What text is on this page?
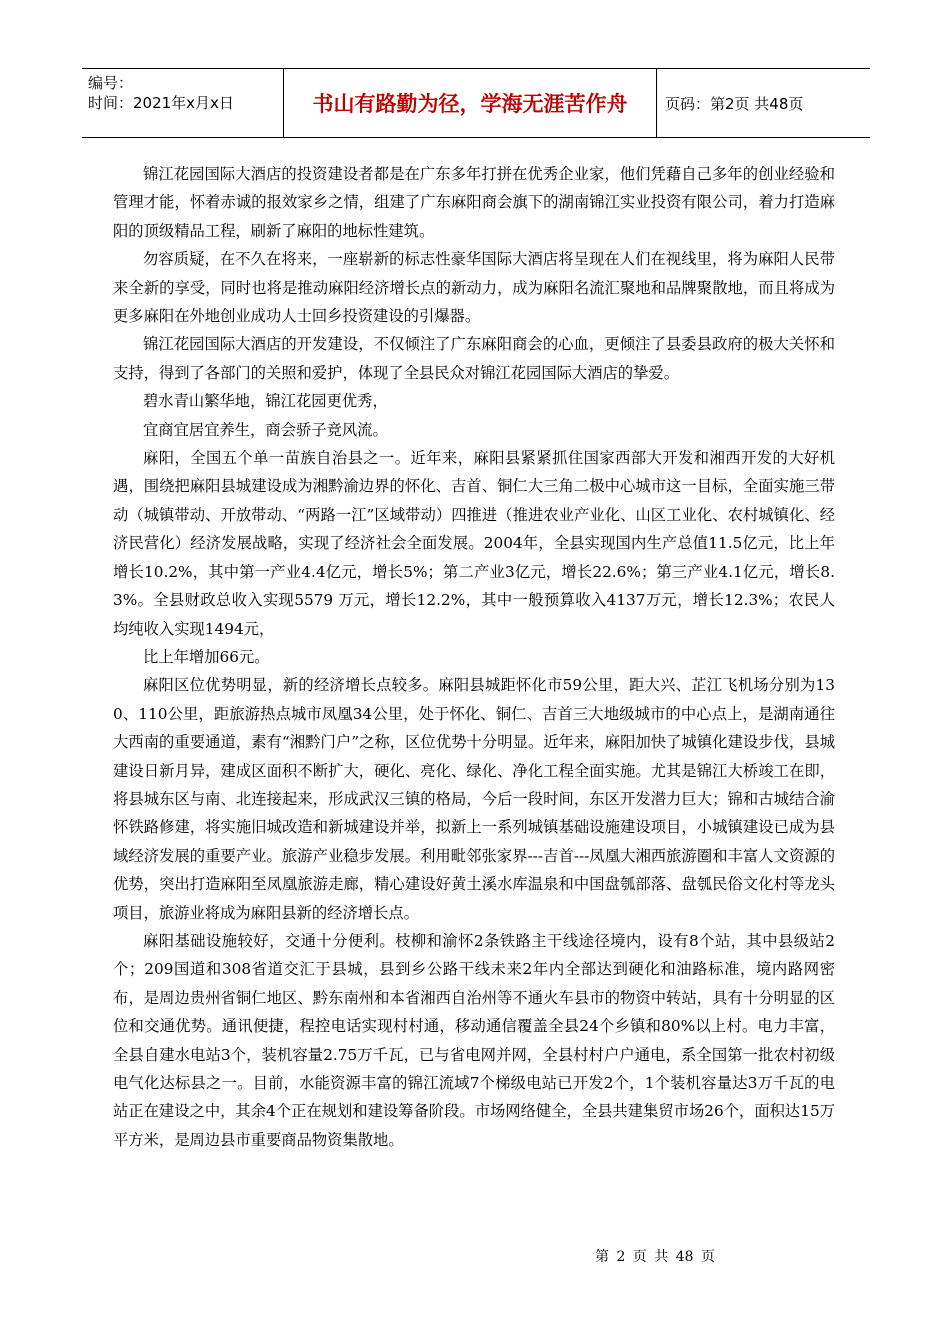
编号：
时间：2021年x月x日	书山有路勤为径，学海无涯苦作舟	页码：第2页 共48页

锦江花园国际大酒店的投资建设者都是在广东多年打拼在优秀企业家，他们凭藉自己多年的创业经验和管理才能，怀着赤诚的报效家乡之情，组建了广东麻阳商会旗下的湖南锦江实业投资有限公司，着力打造麻阳的顶级精品工程，刷新了麻阳的地标性建筑。

勿容质疑，在不久在将来，一座崭新的标志性豪华国际大酒店将呈现在人们在视线里，将为麻阳人民带来全新的享受，同时也将是推动麻阳经济增长点的新动力，成为麻阳名流汇聚地和品牌聚散地，而且将成为更多麻阳在外地创业成功人士回乡投资建设的引爆器。

锦江花园国际大酒店的开发建设，不仅倾注了广东麻阳商会的心血，更倾注了县委县政府的极大关怀和支持，得到了各部门的关照和爱护，体现了全县民众对锦江花园国际大酒店的挚爱。

碧水青山繁华地，锦江花园更优秀，

宜商宜居宜养生，商会骄子竞风流。

麻阳，全国五个单一苗族自治县之一。近年来，麻阳县紧紧抓住国家西部大开发和湘西开发的大好机遇，围绕把麻阳县城建设成为湘黔渝边界的怀化、吉首、铜仁大三角二极中心城市这一目标，全面实施三带动（城镇带动、开放带动、“两路一江”区域带动）四推进（推进农业产业化、山区工业化、农村城镇化、经济民营化）经济发展战略，实现了经济社会全面发展。2004年，全县实现国内生产总值11.5亿元，比上年增长10.2%，其中第一产业4.4亿元，增长5%；第二产业3亿元，增长22.6%；第三产业4.1亿元，增长8.3%。全县财政总收入实现5579 万元，增长12.2%，其中一般预算收入4137万元，增长12.3%；农民人均纯收入实现1494元，

比上年增加66元。

麻阳区位优势明显，新的经济增长点较多。麻阳县城距怀化市59公里，距大兴、芷江飞机场分别为130、110公里，距旅游热点城市凤凰34公里，处于怀化、铜仁、吉首三大地级城市的中心点上，是湖南通往大西南的重要通道，素有“湘黔门户”之称，区位优势十分明显。近年来，麻阳加快了城镇化建设步伐，县城建设日新月异，建成区面积不断扩大，硬化、亮化、绿化、净化工程全面实施。尤其是锦江大桥竣工在即，将县城东区与南、北连接起来，形成武汉三镇的格局，今后一段时间，东区开发潜力巨大；锦和古城结合渝怀铁路修建，将实施旧城改造和新城建设并举，拟新上一系列城镇基础设施建设项目，小城镇建设已成为县域经济发展的重要产业。旅游产业稳步发展。利用毗邻张家界---吉首---凤凰大湘西旅游圈和丰富人文资源的优势，突出打造麻阳至凤凰旅游走廊，精心建设好黄土溪水库温泉和中国盘瓠部落、盘瓠民俗文化村等龙头项目，旅游业将成为麻阳县新的经济增长点。

麻阳基础设施较好，交通十分便利。枝柳和渝怀2条铁路主干线途径境内，设有8个站，其中县级站2个；209国道和308省道交汇于县城，县到乡公路干线未来2年内全部达到硬化和油路标准，境内路网密布，是周边贵州省铜仁地区、黔东南州和本省湘西自治州等不通火车县市的物资中转站，具有十分明显的区位和交通优势。通讯便捷，程控电话实现村村通，移动通信覆盖全县24个乡镇和80%以上村。电力丰富，全县自建水电站3个，装机容量2.75万千瓦，已与省电网并网，全县村村户户通电，系全国第一批农村初级电气化达标县之一。目前，水能资源丰富的锦江流域7个梯级电站已开发2个，1个装机容量达3万千瓦的电站正在建设之中，其余4个正在规划和建设筹备阶段。市场网络健全，全县共建集贸市场26个，面积达15万平方米，是周边县市重要商品物资集散地。

第 2 页 共 48 页
